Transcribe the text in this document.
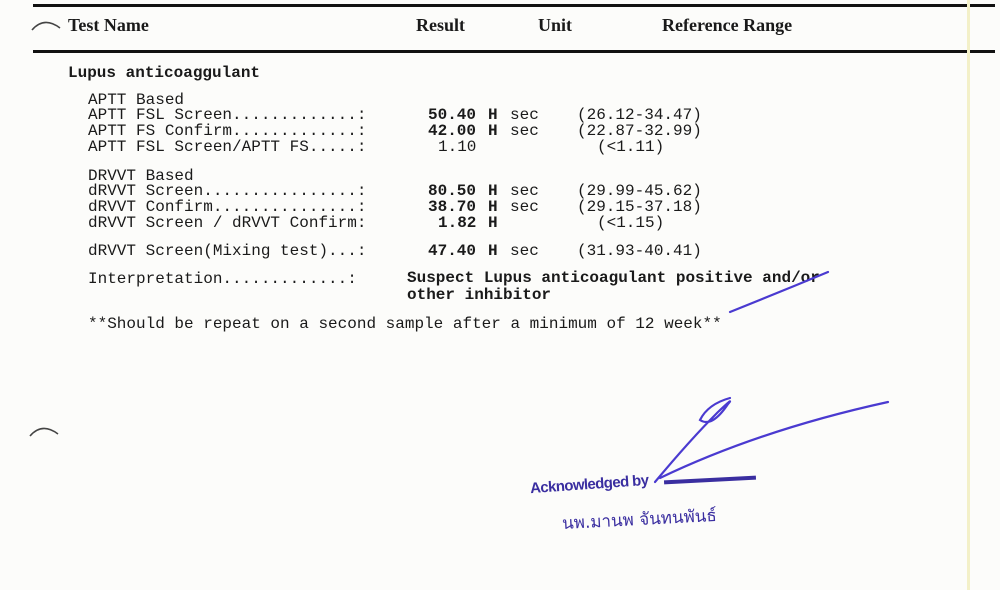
Test Name	Result	Unit	Reference Range
Lupus anticoaggulant
APTT Based
APTT FSL Screen.............:	50.40 H sec (26.12-34.47)
APTT FS Confirm.............:	42.00 H sec (22.87-32.99)
APTT FSL Screen/APTT FS.....:	1.10	(<1.11)
DRVVT Based
dRVVT Screen................:	80.50 H sec (29.99-45.62)
dRVVT Confirm...............:	38.70 H sec (29.15-37.18)
dRVVT Screen / dRVVT Confirm:	1.82 H	(<1.15)
dRVVT Screen(Mixing test)...:	47.40 H sec (31.93-40.41)
Interpretation.............:	Suspect Lupus anticoagulant positive and/or
other inhibitor
**Should be repeat on a second sample after a minimum of 12 week**
Acknowledged by
นพ.มานพ จันทนพันธ์
